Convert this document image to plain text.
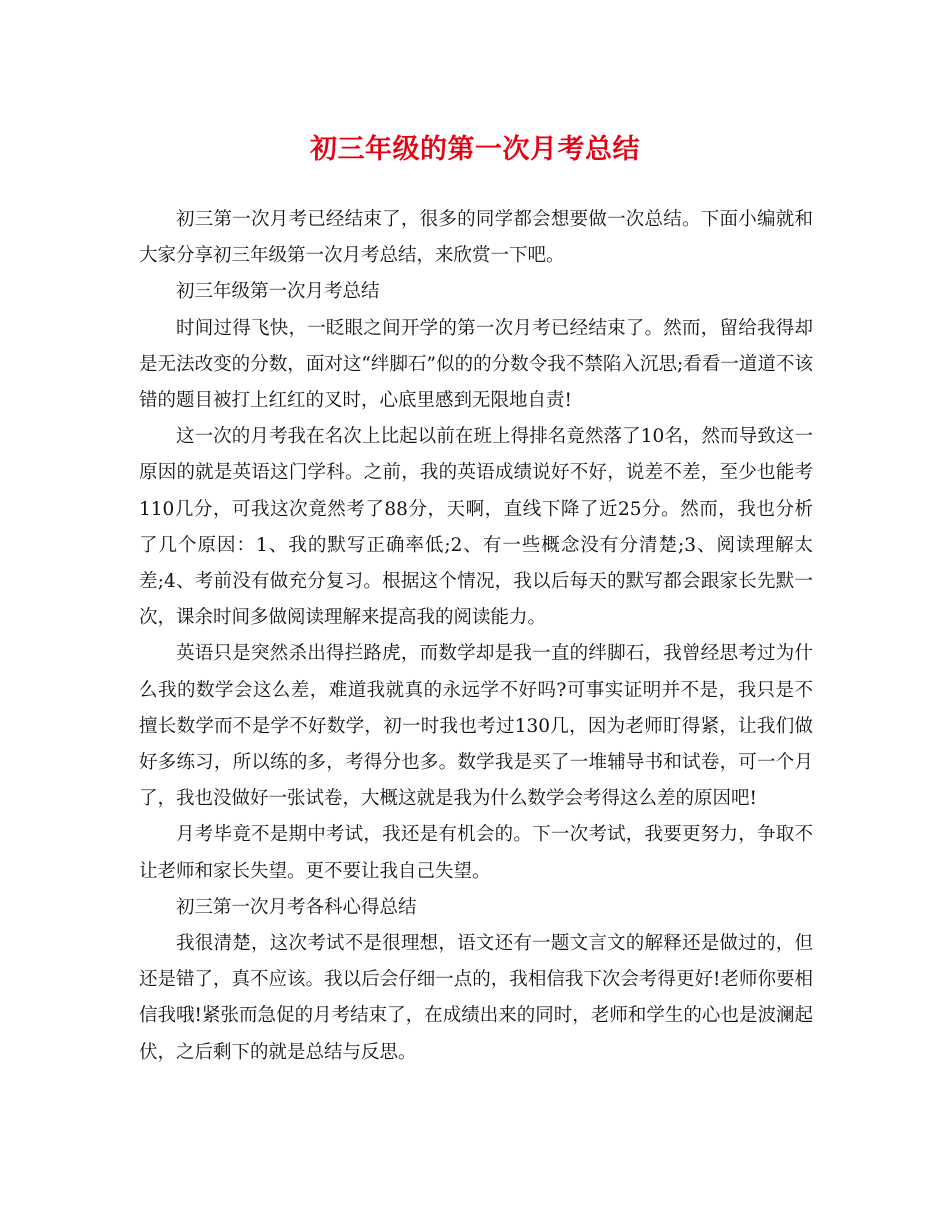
初三年级的第一次月考总结

初三第一次月考已经结束了，很多的同学都会想要做一次总结。下面小编就和大家分享初三年级第一次月考总结，来欣赏一下吧。

初三年级第一次月考总结

时间过得飞快，一眨眼之间开学的第一次月考已经结束了。然而，留给我得却是无法改变的分数，面对这“绊脚石”似的的分数令我不禁陷入沉思;看看一道道不该错的题目被打上红红的叉时，心底里感到无限地自责!

这一次的月考我在名次上比起以前在班上得排名竟然落了10名，然而导致这一原因的就是英语这门学科。之前，我的英语成绩说好不好，说差不差，至少也能考110几分，可我这次竟然考了88分，天啊，直线下降了近25分。然而，我也分析了几个原因：1、我的默写正确率低;2、有一些概念没有分清楚;3、阅读理解太差;4、考前没有做充分复习。根据这个情况，我以后每天的默写都会跟家长先默一次，课余时间多做阅读理解来提高我的阅读能力。

英语只是突然杀出得拦路虎，而数学却是我一直的绊脚石，我曾经思考过为什么我的数学会这么差，难道我就真的永远学不好吗?可事实证明并不是，我只是不擅长数学而不是学不好数学，初一时我也考过130几，因为老师盯得紧，让我们做好多练习，所以练的多，考得分也多。数学我是买了一堆辅导书和试卷，可一个月了，我也没做好一张试卷，大概这就是我为什么数学会考得这么差的原因吧!

月考毕竟不是期中考试，我还是有机会的。下一次考试，我要更努力，争取不让老师和家长失望。更不要让我自己失望。

初三第一次月考各科心得总结

我很清楚，这次考试不是很理想，语文还有一题文言文的解释还是做过的，但还是错了，真不应该。我以后会仔细一点的，我相信我下次会考得更好!老师你要相信我哦!紧张而急促的月考结束了，在成绩出来的同时，老师和学生的心也是波澜起伏，之后剩下的就是总结与反思。
